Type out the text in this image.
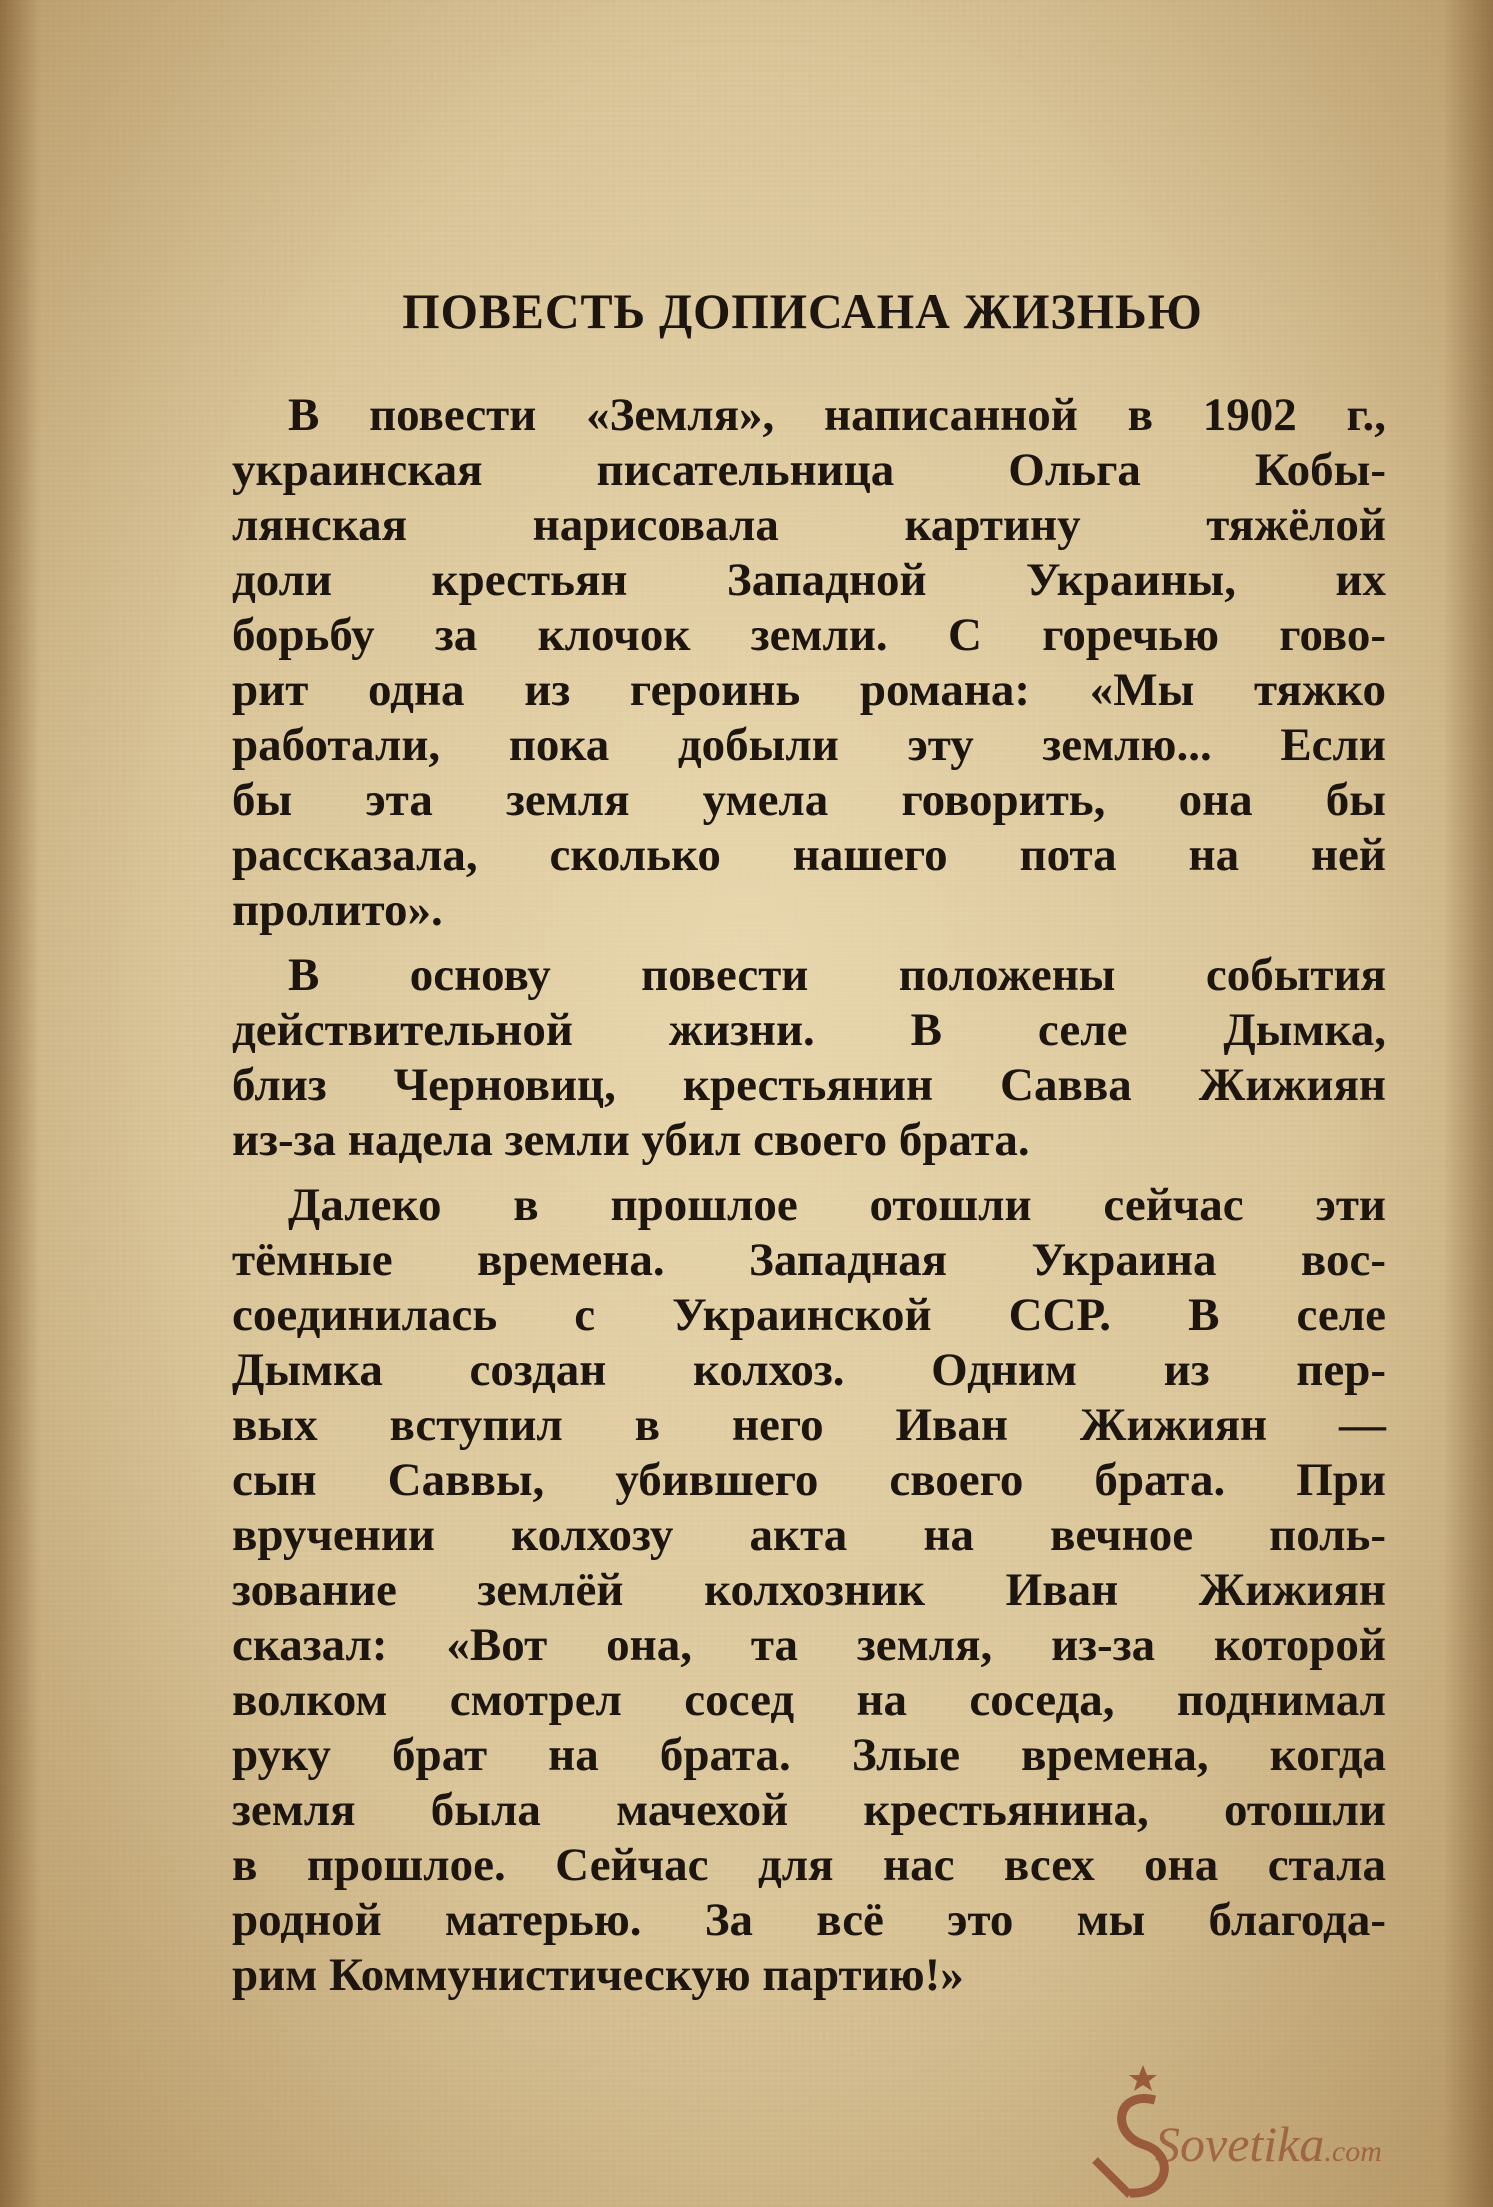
ПОВЕСТЬ ДОПИСАНА ЖИЗНЬЮ
В повести «Земля», написанной в 1902 г.,
украинская писательница Ольга Кобы-
лянская нарисовала картину тяжёлой
доли крестьян Западной Украины, их
борьбу за клочок земли. С горечью гово-
рит одна из героинь романа: «Мы тяжко
работали, пока добыли эту землю... Если
бы эта земля умела говорить, она бы
рассказала, сколько нашего пота на ней
пролито».
В основу повести положены события
действительной жизни. В селе Дымка,
близ Черновиц, крестьянин Савва Жижиян
из-за надела земли убил своего брата.
Далеко в прошлое отошли сейчас эти
тёмные времена. Западная Украина вос-
соединилась с Украинской ССР. В селе
Дымка создан колхоз. Одним из пер-
вых вступил в него Иван Жижиян —
сын Саввы, убившего своего брата. При
вручении колхозу акта на вечное поль-
зование землёй колхозник Иван Жижиян
сказал: «Вот она, та земля, из-за которой
волком смотрел сосед на соседа, поднимал
руку брат на брата. Злые времена, когда
земля была мачехой крестьянина, отошли
в прошлое. Сейчас для нас всех она стала
родной матерью. За всё это мы благода-
рим Коммунистическую партию!»
Sovetika.com
